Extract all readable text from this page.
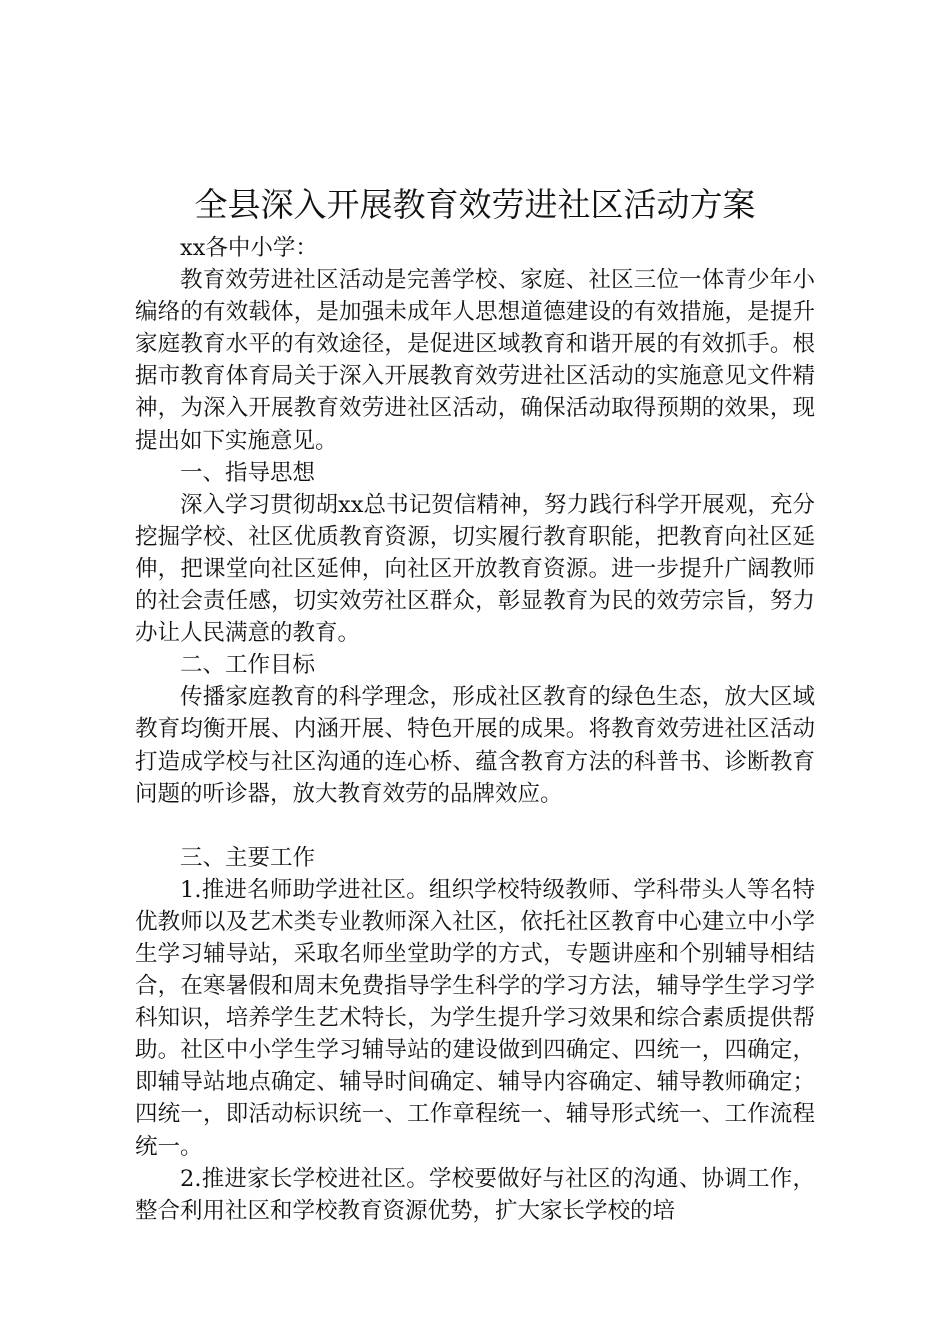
全县深入开展教育效劳进社区活动方案

xx各中小学：

教育效劳进社区活动是完善学校、家庭、社区三位一体青少年小编络的有效载体，是加强未成年人思想道德建设的有效措施，是提升家庭教育水平的有效途径，是促进区域教育和谐开展的有效抓手。根据市教育体育局关于深入开展教育效劳进社区活动的实施意见文件精神，为深入开展教育效劳进社区活动，确保活动取得预期的效果，现提出如下实施意见。

一、指导思想

深入学习贯彻胡xx总书记贺信精神，努力践行科学开展观，充分挖掘学校、社区优质教育资源，切实履行教育职能，把教育向社区延伸，把课堂向社区延伸，向社区开放教育资源。进一步提升广阔教师的社会责任感，切实效劳社区群众，彰显教育为民的效劳宗旨，努力办让人民满意的教育。

二、工作目标

传播家庭教育的科学理念，形成社区教育的绿色生态，放大区域教育均衡开展、内涵开展、特色开展的成果。将教育效劳进社区活动打造成学校与社区沟通的连心桥、蕴含教育方法的科普书、诊断教育问题的听诊器，放大教育效劳的品牌效应。

三、主要工作

1.推进名师助学进社区。组织学校特级教师、学科带头人等名特优教师以及艺术类专业教师深入社区，依托社区教育中心建立中小学生学习辅导站，采取名师坐堂助学的方式，专题讲座和个别辅导相结合，在寒暑假和周末免费指导学生科学的学习方法，辅导学生学习学科知识，培养学生艺术特长，为学生提升学习效果和综合素质提供帮助。社区中小学生学习辅导站的建设做到四确定、四统一，四确定，即辅导站地点确定、辅导时间确定、辅导内容确定、辅导教师确定；四统一，即活动标识统一、工作章程统一、辅导形式统一、工作流程统一。

2.推进家长学校进社区。学校要做好与社区的沟通、协调工作，整合利用社区和学校教育资源优势，扩大家长学校的培
